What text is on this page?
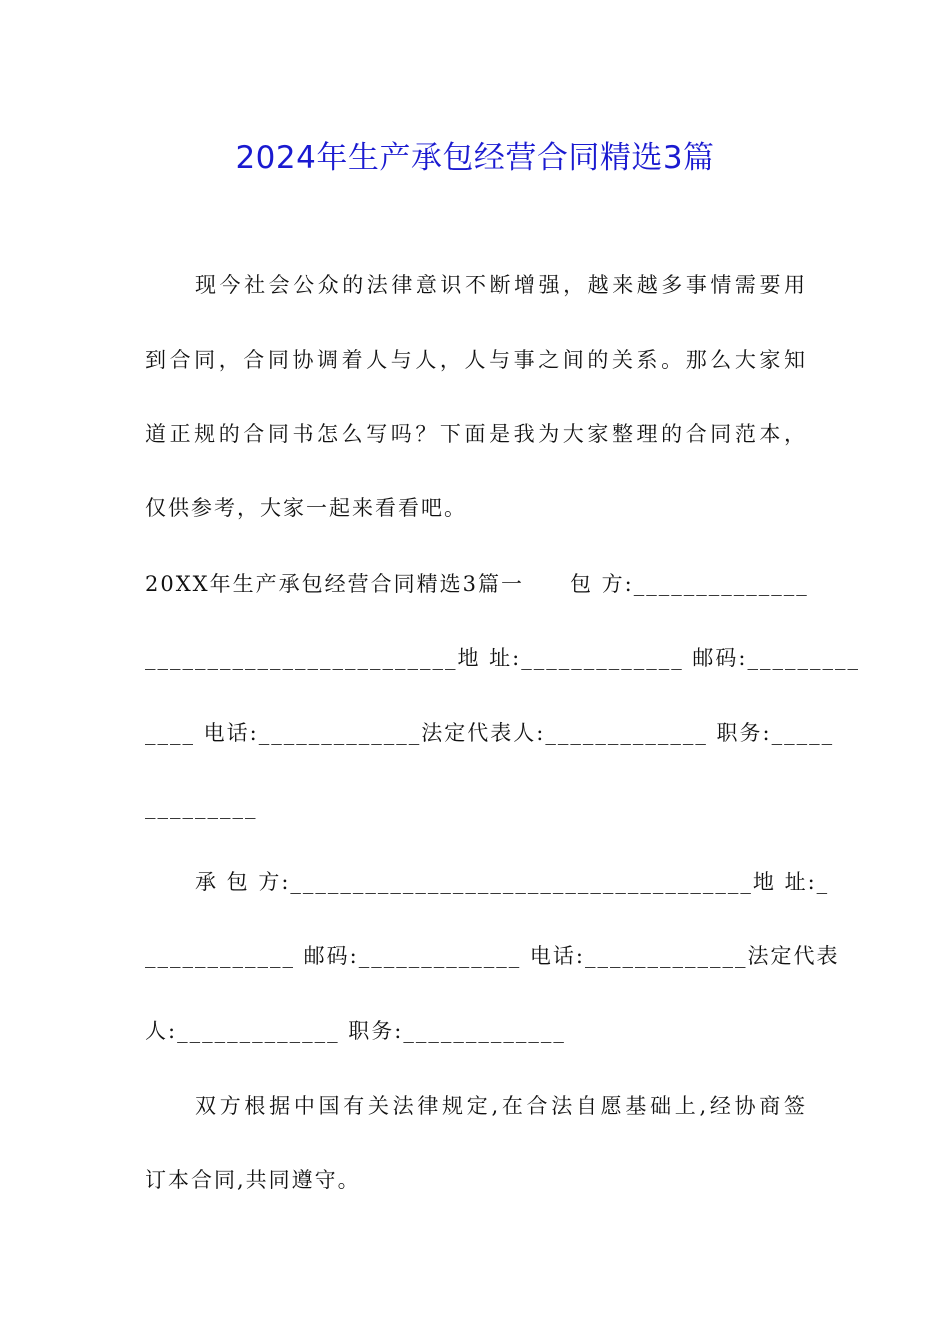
2024年生产承包经营合同精选3篇
现今社会公众的法律意识不断增强，越来越多事情需要用
到合同，合同协调着人与人，人与事之间的关系。那么大家知
道正规的合同书怎么写吗？下面是我为大家整理的合同范本，
仅供参考，大家一起来看看吧。
20XX年生产承包经营合同精选3篇一　　包 方:______________
_________________________地 址:_____________ 邮码:_________
____ 电话:_____________法定代表人:_____________ 职务:_____
_________
承 包 方:_____________________________________地 址:_
____________ 邮码:_____________ 电话:_____________法定代表
人:_____________ 职务:_____________
双方根据中国有关法律规定,在合法自愿基础上,经协商签
订本合同,共同遵守。
